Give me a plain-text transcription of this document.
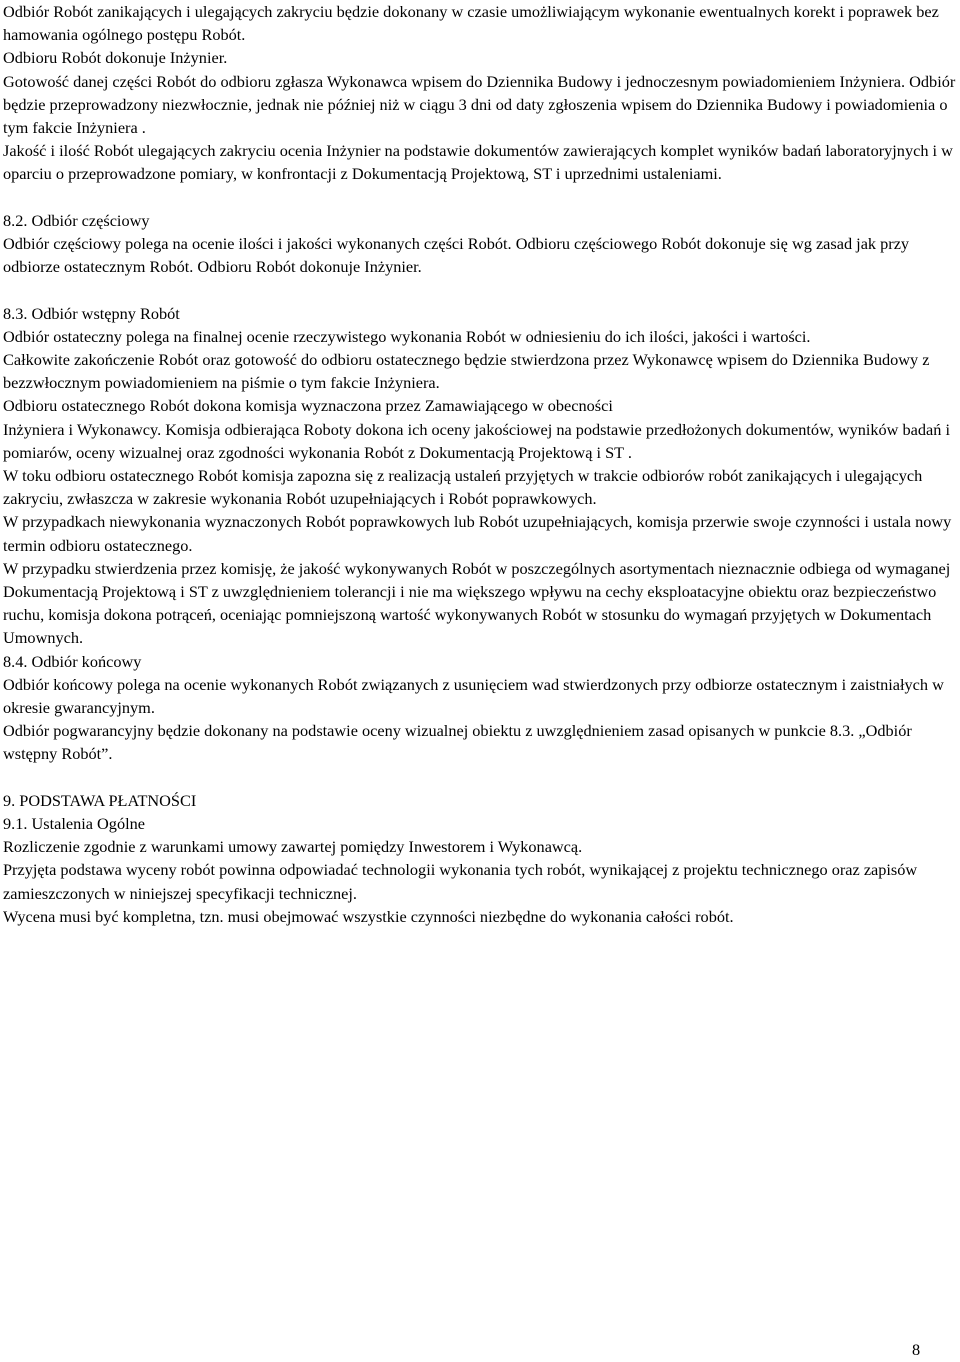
Odbiór Robót zanikających i ulegających zakryciu będzie dokonany w czasie umożliwiającym wykonanie ewentualnych korekt i poprawek bez hamowania ogólnego postępu Robót.

Odbioru Robót dokonuje Inżynier.

Gotowość danej części Robót do odbioru zgłasza Wykonawca wpisem do Dziennika Budowy i jednoczesnym powiadomieniem Inżyniera. Odbiór będzie przeprowadzony niezwłocznie, jednak nie później niż w ciągu 3 dni od daty zgłoszenia wpisem do Dziennika Budowy i powiadomienia o tym fakcie Inżyniera .

Jakość i ilość Robót ulegających zakryciu ocenia Inżynier na podstawie dokumentów zawierających komplet wyników badań laboratoryjnych i w oparciu o przeprowadzone pomiary, w konfrontacji z Dokumentacją Projektową, ST i uprzednimi ustaleniami.

8.2. Odbiór częściowy

Odbiór częściowy polega na ocenie ilości i jakości wykonanych części Robót. Odbioru częściowego Robót dokonuje się wg zasad jak przy odbiorze ostatecznym Robót. Odbioru Robót dokonuje Inżynier.

8.3. Odbiór wstępny Robót

Odbiór ostateczny polega na finalnej ocenie rzeczywistego wykonania Robót w odniesieniu do ich ilości, jakości i wartości.

Całkowite zakończenie Robót oraz gotowość do odbioru ostatecznego będzie stwierdzona przez Wykonawcę wpisem do Dziennika Budowy z bezzwłocznym powiadomieniem na piśmie o tym fakcie Inżyniera.

Odbioru ostatecznego Robót dokona komisja wyznaczona przez Zamawiającego w obecności

Inżyniera i Wykonawcy. Komisja odbierająca Roboty dokona ich oceny jakościowej na podstawie przedłożonych dokumentów, wyników badań i pomiarów, oceny wizualnej oraz zgodności wykonania Robót z Dokumentacją Projektową i ST .

W toku odbioru ostatecznego Robót komisja zapozna się z realizacją ustaleń przyjętych w trakcie odbiorów robót zanikających i ulegających zakryciu, zwłaszcza w zakresie wykonania Robót uzupełniających i Robót poprawkowych.

W przypadkach niewykonania wyznaczonych Robót poprawkowych lub Robót uzupełniających, komisja przerwie swoje czynności i ustala nowy termin odbioru ostatecznego.

W przypadku stwierdzenia przez komisję, że jakość wykonywanych Robót w poszczególnych asortymentach nieznacznie odbiega od wymaganej Dokumentacją Projektową i ST z uwzględnieniem tolerancji i nie ma większego wpływu na cechy eksploatacyjne obiektu oraz bezpieczeństwo ruchu, komisja dokona potrąceń, oceniając pomniejszoną wartość wykonywanych Robót w stosunku do wymagań przyjętych w Dokumentach Umownych.

8.4. Odbiór końcowy

Odbiór końcowy polega na ocenie wykonanych Robót związanych z usunięciem wad stwierdzonych przy odbiorze ostatecznym i zaistniałych w okresie gwarancyjnym.

Odbiór pogwarancyjny będzie dokonany na podstawie oceny wizualnej obiektu z uwzględnieniem zasad opisanych w punkcie 8.3. „Odbiór wstępny Robót”.

9. PODSTAWA PŁATNOŚCI

9.1. Ustalenia Ogólne

Rozliczenie zgodnie z warunkami umowy zawartej pomiędzy Inwestorem i Wykonawcą.

Przyjęta podstawa wyceny robót powinna odpowiadać technologii wykonania tych robót, wynikającej z projektu technicznego oraz zapisów zamieszczonych w niniejszej specyfikacji technicznej.

Wycena musi być kompletna, tzn. musi obejmować wszystkie czynności niezbędne do wykonania całości robót.

8
